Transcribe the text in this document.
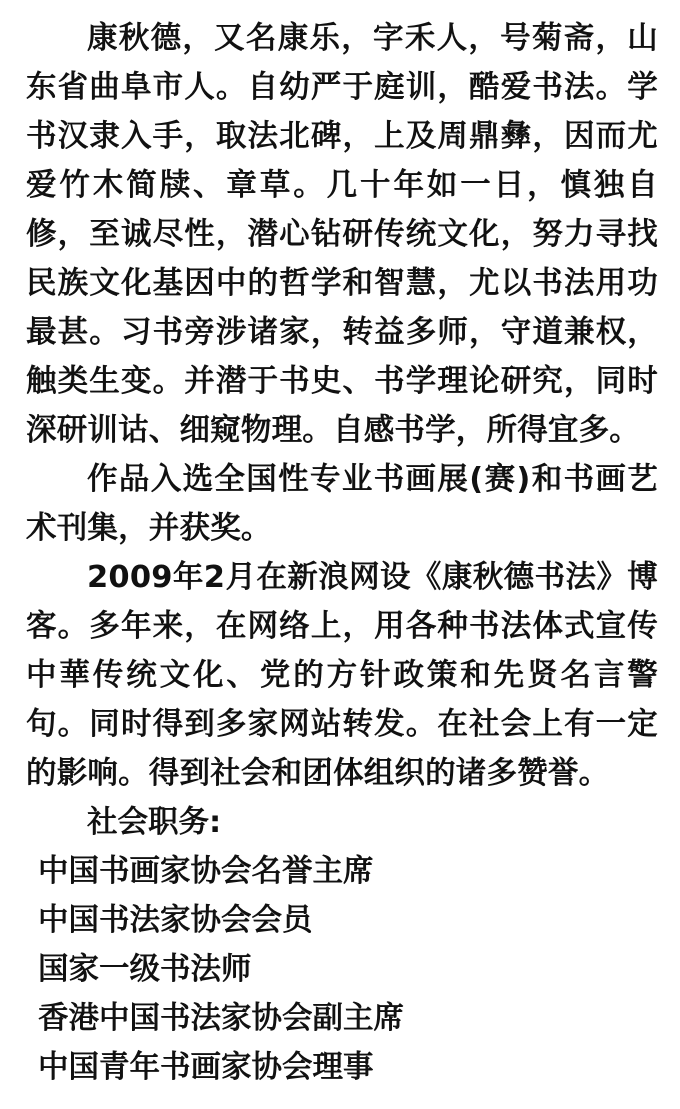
康秋德，又名康乐，字禾人，号菊斋，山东省曲阜市人。自幼严于庭训，酷爱书法。学书汉隶入手，取法北碑，上及周鼎彝，因而尤爱竹木简牍、章草。几十年如一日，慎独自修，至诚尽性，潜心钻研传统文化，努力寻找民族文化基因中的哲学和智慧，尤以书法用功最甚。习书旁涉诸家，转益多师，守道兼权，触类生变。并潜于书史、书学理论研究，同时深研训诂、细窥物理。自感书学，所得宜多。

作品入选全国性专业书画展(赛)和书画艺术刊集，并获奖。

2009年2月在新浪网设《康秋德书法》博客。多年来，在网络上，用各种书法体式宣传中華传统文化、党的方针政策和先贤名言警句。同时得到多家网站转发。在社会上有一定的影响。得到社会和团体组织的诸多赞誉。

社会职务:

中国书画家协会名誉主席

中国书法家协会会员

国家一级书法师

香港中国书法家协会副主席

中国青年书画家协会理事
